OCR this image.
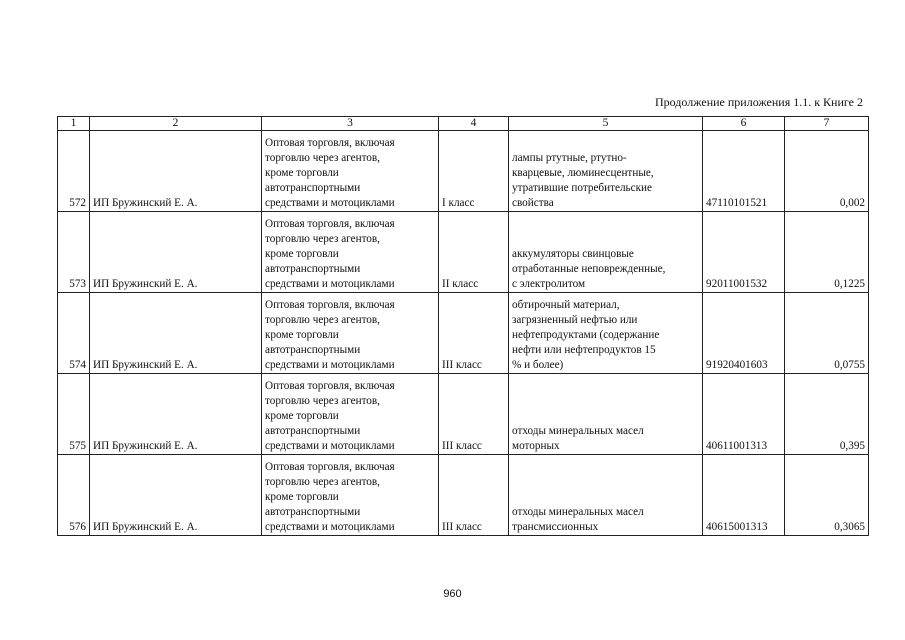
Продолжение приложения 1.1. к Книге 2
1	2	3	4	5	6	7
572	ИП Бружинский Е. А.	Оптовая торговля, включая
торговлю через агентов,
кроме торговли
автотранспортными
средствами и мотоциклами	I класс	лампы ртутные, ртутно-
кварцевые, люминесцентные,
утратившие потребительские
свойства	47110101521	0,002
573	ИП Бружинский Е. А.	Оптовая торговля, включая
торговлю через агентов,
кроме торговли
автотранспортными
средствами и мотоциклами	II класс	аккумуляторы свинцовые
отработанные неповрежденные,
с электролитом	92011001532	0,1225
574	ИП Бружинский Е. А.	Оптовая торговля, включая
торговлю через агентов,
кроме торговли
автотранспортными
средствами и мотоциклами	III класс	обтирочный материал,
загрязненный нефтью или
нефтепродуктами (содержание
нефти или нефтепродуктов 15
% и более)	91920401603	0,0755
575	ИП Бружинский Е. А.	Оптовая торговля, включая
торговлю через агентов,
кроме торговли
автотранспортными
средствами и мотоциклами	III класс	отходы минеральных масел
моторных	40611001313	0,395
576	ИП Бружинский Е. А.	Оптовая торговля, включая
торговлю через агентов,
кроме торговли
автотранспортными
средствами и мотоциклами	III класс	отходы минеральных масел
трансмиссионных	40615001313	0,3065
960
